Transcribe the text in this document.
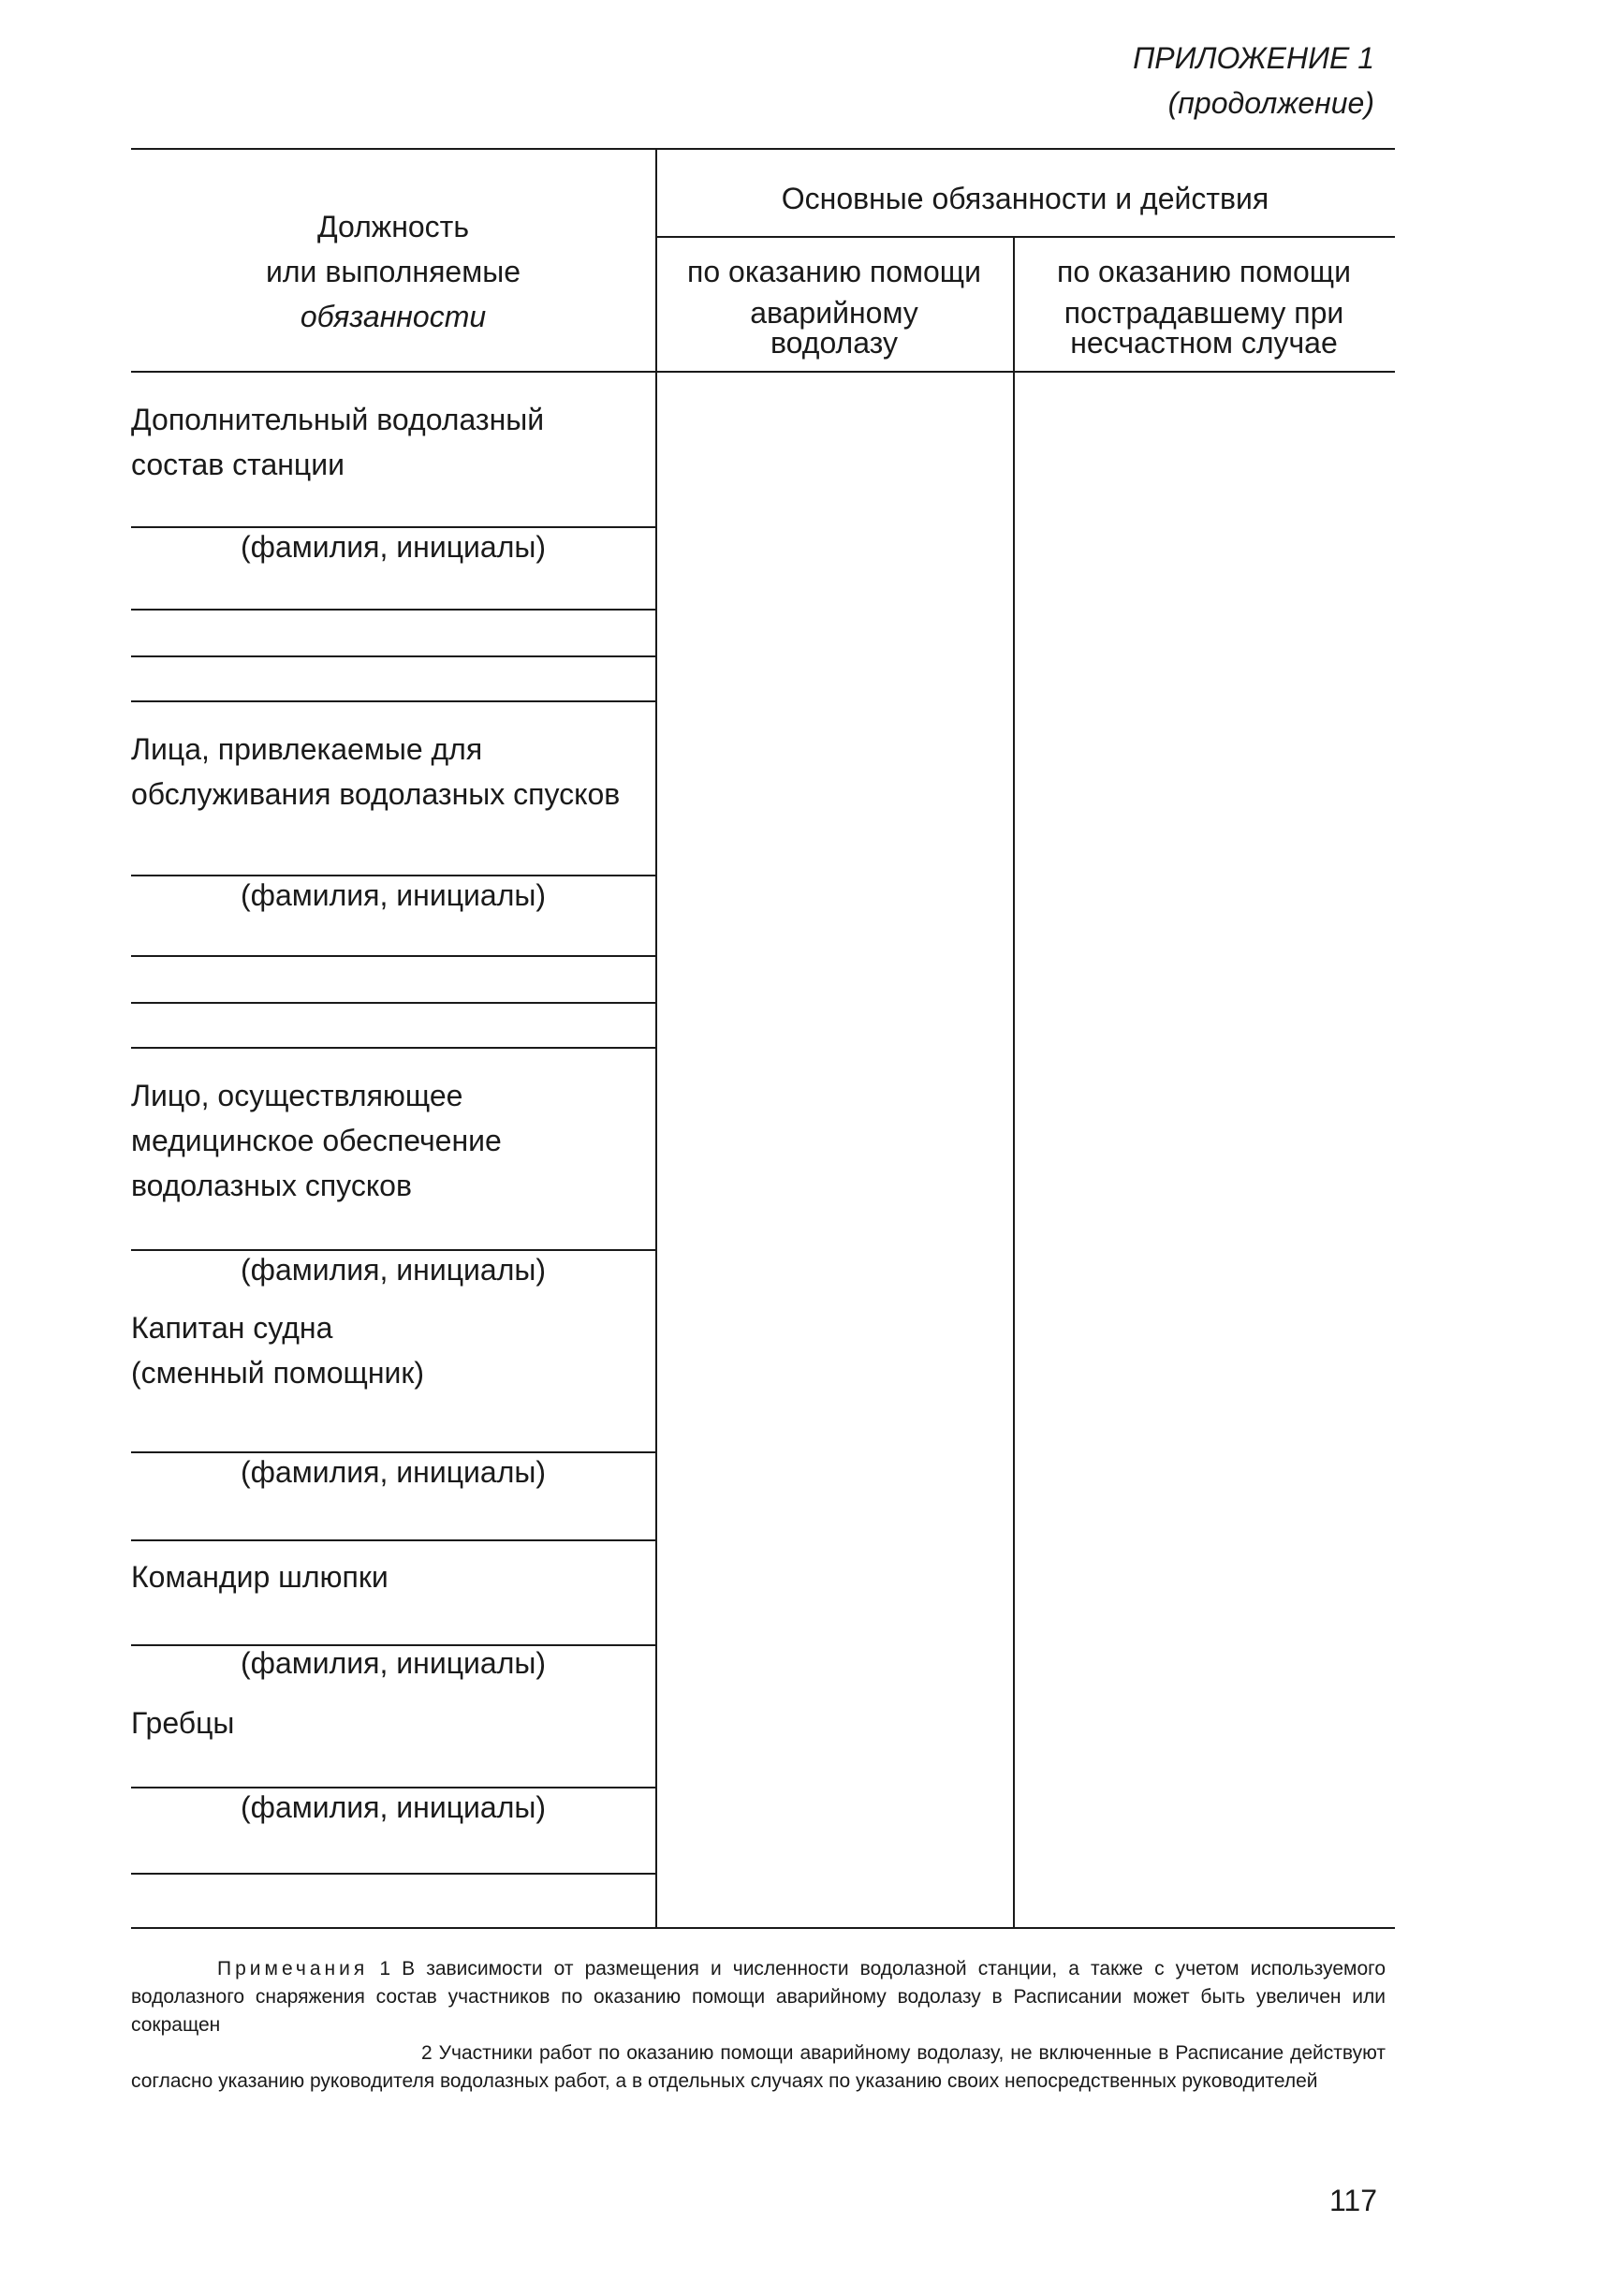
ПРИЛОЖЕНИЕ 1
(продолжение)
Должность
или выполняемые
обязанности
Основные обязанности и действия
по оказанию помощи
аварийному
водолазу
по оказанию помощи
пострадавшему при
несчастном случае
Дополнительный водолазный
состав станции
(фамилия, инициалы)
Лица, привлекаемые для
обслуживания водолазных спусков
(фамилия, инициалы)
Лицо, осуществляющее
медицинское обеспечение
водолазных спусков
(фамилия, инициалы)
Капитан судна
(сменный помощник)
(фамилия, инициалы)
Командир шлюпки
(фамилия, инициалы)
Гребцы
(фамилия, инициалы)
Примечания 1 В зависимости от размещения и численности водолазной станции, а также с учетом используемого водолазного снаряжения состав участников по оказанию помощи аварийному водолазу в Расписании может быть увеличен или сокращен
2 Участники работ по оказанию помощи аварийному водолазу, не включенные в Расписание действуют согласно указанию руководителя водолазных работ, а в отдельных случаях по указанию своих непосредственных руководителей
117
